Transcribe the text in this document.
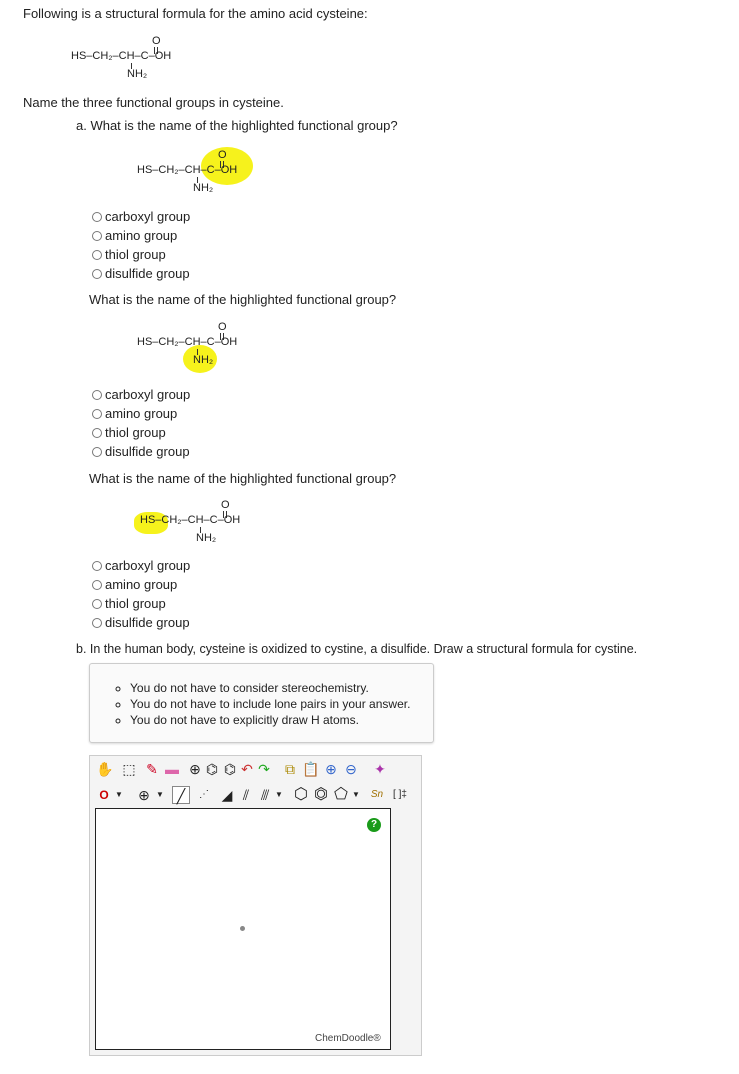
Following is a structural formula for the amino acid cysteine:
O
HS–CH₂–CH–C–OH
NH₂
Name the three functional groups in cysteine.
a. What is the name of the highlighted functional group?
O
HS–CH₂–CH–C–OH
NH₂
carboxyl group
amino group
thiol group
disulfide group
What is the name of the highlighted functional group?
O
HS–CH₂–CH–C–OH
NH₂
carboxyl group
amino group
thiol group
disulfide group
What is the name of the highlighted functional group?
O
HS–CH₂–CH–C–OH
NH₂
carboxyl group
amino group
thiol group
disulfide group
b. In the human body, cysteine is oxidized to cystine, a disulfide. Draw a structural formula for cystine.
◦ You do not have to consider stereochemistry.
◦ You do not have to include lone pairs in your answer.
◦ You do not have to explicitly draw H atoms.
✋ ⬚ ✎ ▬ ⊕ ⌬ ⌬ ↶ ↷ ⧉ 📋 ⊕ ⊖ ✦
O ▼	⊕ ▼ ╱	⋰ ◢ ⫽ ⫻ ▼ ⬡ ⏣ ⬠ ▼	Sn [ ]‡
?
ChemDoodle®
